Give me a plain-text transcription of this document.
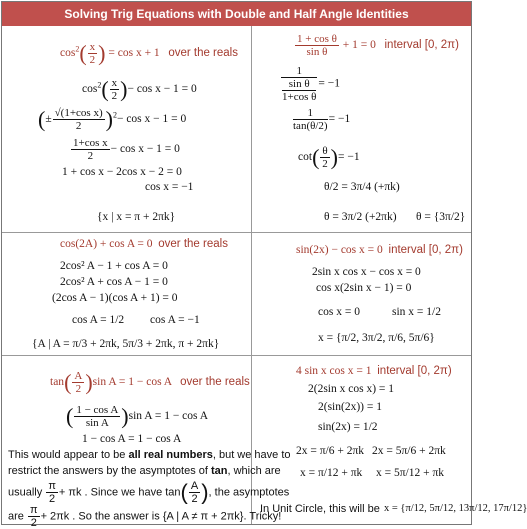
Solving Trig Equations with Double and Half Angle Identities
$\cos^2( \frac{x}{2}$ ) = cos x + 1 over the reals
$\cos^2( \frac{x}{2}$ )− cos x − 1 = 0
(± $\frac{\text{√(1+cos x)}}{2} )^2- \cos x - 1 = 0$
$\frac{\text{1+cos x}}{2} - \cos x - 1 = 0$
1 + cos x − 2cos x − 2 = 0
cos x = −1
{x | x = π + 2πk}
$\frac{\text{1 + cos θ}}{\text{sin θ}} + 1 = 0$ interval [0, 2π)
$\frac{1}{\frac{\text{sin θ}}{\text{1+cos θ}}} = -1$
$\frac{1}{\tan(\theta/2)} = -1$
$\cot( \frac{\theta}{2}$ )= −1
θ/2 = 3π/4 (+πk)
θ = 3π/2 (+2πk) θ = {3π/2}
cos(2A) + cos A = 0 over the reals
2cos² A − 1 + cos A = 0
2cos² A + cos A − 1 = 0
(2cos A − 1)(cos A + 1) = 0
cos A = 1/2 cos A = −1
{A | A = π/3 + 2πk, 5π/3 + 2πk, π + 2πk}
sin(2x) − cos x = 0 interval [0, 2π)
2sin x cos x − cos x = 0
cos x(2sin x − 1) = 0
cos x = 0	sin x = 1/2
x = {π/2, 3π/2, π/6, 5π/6}
$\tan( \frac{A}{2} )\sin$ A = 1 − cos A over the reals
( $\frac{\text{1 − cos A}}{\text{sin A}} )\sin$ A = 1 − cos A
1 − cos A = 1 − cos A
This would appear to be all real numbers, but we have to
restrict the answers by the asymptotes of tan, which are
usually $\frac{\pi}{2} + \pi k$ . Since we have $\tan( \frac{A}{2}$ ), the asymptotes
are $\frac{\pi}{2} + 2\pi k$ . So the answer is {A | A ≠ π + 2πk}. Tricky!
4 sin x cos x = 1 interval [0, 2π)
2(2sin x cos x) = 1
2(sin(2x)) = 1
sin(2x) = 1/2
2x = π/6 + 2πk 2x = 5π/6 + 2πk
x = π/12 + πk x = 5π/12 + πk
In Unit Circle, this will be x = {π/12, 5π/12, 13π/12, 17π/12}
